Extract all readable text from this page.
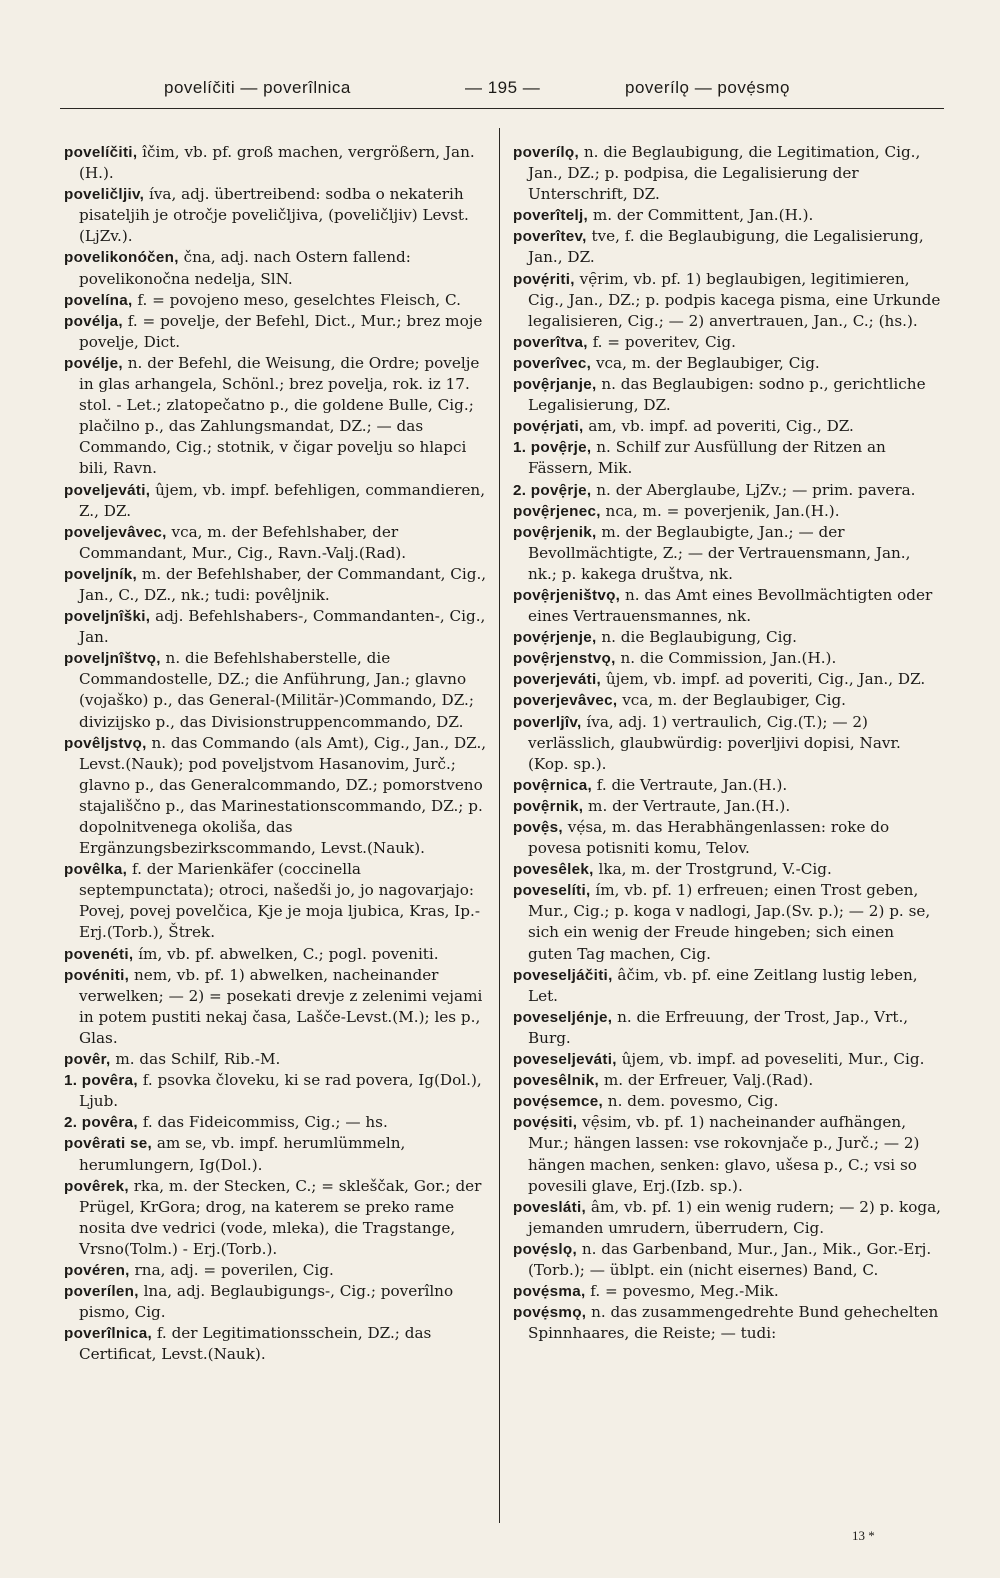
povelíčiti — poverîlnica	— 195 —	poverílǫ — povẹ́smǫ

povelíčiti, îčim, vb. pf. groß machen, vergrößern, Jan.(H.).

poveličljiv, íva, adj. übertreibend: sodba o nekaterih pisateljih je otročje poveličljiva, (poveličljiv) Levst.(LjZv.).

povelikonóčen, čna, adj. nach Ostern fallend: povelikonočna nedelja, SlN.

povelína, f. = povojeno meso, geselchtes Fleisch, C.

povélja, f. = povelje, der Befehl, Dict., Mur.; brez moje povelje, Dict.

povélje, n. der Befehl, die Weisung, die Ordre; povelje in glas arhangela, Schönl.; brez povelja, rok. iz 17. stol. - Let.; zlatopečatno p., die goldene Bulle, Cig.; plačilno p., das Zahlungsmandat, DZ.; — das Commando, Cig.; stotnik, v čigar povelju so hlapci bili, Ravn.

poveljeváti, ûjem, vb. impf. befehligen, commandieren, Z., DZ.

poveljevâvec, vca, m. der Befehlshaber, der Commandant, Mur., Cig., Ravn.-Valj.(Rad).

poveljník, m. der Befehlshaber, der Commandant, Cig., Jan., C., DZ., nk.; tudi: povêljnik.

poveljnîški, adj. Befehlshabers-, Commandanten-, Cig., Jan.

poveljnîštvǫ, n. die Befehlshaberstelle, die Commandostelle, DZ.; die Anführung, Jan.; glavno (vojaško) p., das General-(Militär-)Commando, DZ.; divizijsko p., das Divisionstruppencommando, DZ.

povêljstvǫ, n. das Commando (als Amt), Cig., Jan., DZ., Levst.(Nauk); pod poveljstvom Hasanovim, Jurč.; glavno p., das Generalcommando, DZ.; pomorstveno stajališčno p., das Marinestationscommando, DZ.; p. dopolnitvenega okoliša, das Ergänzungsbezirkscommando, Levst.(Nauk).

povêlka, f. der Marienkäfer (coccinella septempunctata); otroci, našedši jo, jo nagovarjajo: Povej, povej povelčica, Kje je moja ljubica, Kras, Ip.-Erj.(Torb.), Štrek.

povenéti, ím, vb. pf. abwelken, C.; pogl. poveniti.

povéniti, nem, vb. pf. 1) abwelken, nacheinander verwelken; — 2) = posekati drevje z zelenimi vejami in potem pustiti nekaj časa, Lašče-Levst.(M.); les p., Glas.

povêr, m. das Schilf, Rib.-M.

1. povêra, f. psovka človeku, ki se rad povera, Ig(Dol.), Ljub.

2. povêra, f. das Fideicommiss, Cig.; — hs.

povêrati se, am se, vb. impf. herumlümmeln, herumlungern, Ig(Dol.).

povêrek, rka, m. der Stecken, C.; = skleščak, Gor.; der Prügel, KrGora; drog, na katerem se preko rame nosita dve vedrici (vode, mleka), die Tragstange, Vrsno(Tolm.) - Erj.(Torb.).

povéren, rna, adj. = poverilen, Cig.

poverílen, lna, adj. Beglaubigungs-, Cig.; poverîlno pismo, Cig.

poverîlnica, f. der Legitimationsschein, DZ.; das Certificat, Levst.(Nauk).

poverílǫ, n. die Beglaubigung, die Legitimation, Cig., Jan., DZ.; p. podpisa, die Legalisierung der Unterschrift, DZ.

poverîtelj, m. der Committent, Jan.(H.).

poverîtev, tve, f. die Beglaubigung, die Legalisierung, Jan., DZ.

povẹ́riti, vẹ̑rim, vb. pf. 1) beglaubigen, legitimieren, Cig., Jan., DZ.; p. podpis kacega pisma, eine Urkunde legalisieren, Cig.; — 2) anvertrauen, Jan., C.; (hs.).

poverîtva, f. = poveritev, Cig.

poverîvec, vca, m. der Beglaubiger, Cig.

povẹ̑rjanje, n. das Beglaubigen: sodno p., gerichtliche Legalisierung, DZ.

povẹ́rjati, am, vb. impf. ad poveriti, Cig., DZ.

1. povẹ̑rje, n. Schilf zur Ausfüllung der Ritzen an Fässern, Mik.

2. povẹ̑rje, n. der Aberglaube, LjZv.; — prim. pavera.

povẹ̑rjenec, nca, m. = poverjenik, Jan.(H.).

povẹ̑rjenik, m. der Beglaubigte, Jan.; — der Bevollmächtigte, Z.; — der Vertrauensmann, Jan., nk.; p. kakega društva, nk.

povẹ̑rjeništvǫ, n. das Amt eines Bevollmächtigten oder eines Vertrauensmannes, nk.

povẹ́rjenje, n. die Beglaubigung, Cig.

povẹ̑rjenstvǫ, n. die Commission, Jan.(H.).

poverjeváti, ûjem, vb. impf. ad poveriti, Cig., Jan., DZ.

poverjevâvec, vca, m. der Beglaubiger, Cig.

poverljîv, íva, adj. 1) vertraulich, Cig.(T.); — 2) verlässlich, glaubwürdig: poverljivi dopisi, Navr.(Kop. sp.).

povẹ̑rnica, f. die Vertraute, Jan.(H.).

povẹ̑rnik, m. der Vertraute, Jan.(H.).

povệs, vẹ́sa, m. das Herabhängenlassen: roke do povesa potisniti komu, Telov.

povesêlek, lka, m. der Trostgrund, V.-Cig.

poveselíti, ím, vb. pf. 1) erfreuen; einen Trost geben, Mur., Cig.; p. koga v nadlogi, Jap.(Sv. p.); — 2) p. se, sich ein wenig der Freude hingeben; sich einen guten Tag machen, Cig.

poveseljáčiti, âčim, vb. pf. eine Zeitlang lustig leben, Let.

poveseljénje, n. die Erfreuung, der Trost, Jap., Vrt., Burg.

poveseljeváti, ûjem, vb. impf. ad poveseliti, Mur., Cig.

povesêlnik, m. der Erfreuer, Valj.(Rad).

povẹ́semce, n. dem. povesmo, Cig.

povẹ́siti, vẹ̑sim, vb. pf. 1) nacheinander aufhängen, Mur.; hängen lassen: vse rokovnjače p., Jurč.; — 2) hängen machen, senken: glavo, ušesa p., C.; vsi so povesili glave, Erj.(Izb. sp.).

povesláti, âm, vb. pf. 1) ein wenig rudern; — 2) p. koga, jemanden umrudern, überrudern, Cig.

povẹ́slǫ, n. das Garbenband, Mur., Jan., Mik., Gor.-Erj.(Torb.); — üblpt. ein (nicht eisernes) Band, C.

povẹ́sma, f. = povesmo, Meg.-Mik.

povẹ́smǫ, n. das zusammengedrehte Bund gehechelten Spinnhaares, die Reiste; — tudi:

13 *
